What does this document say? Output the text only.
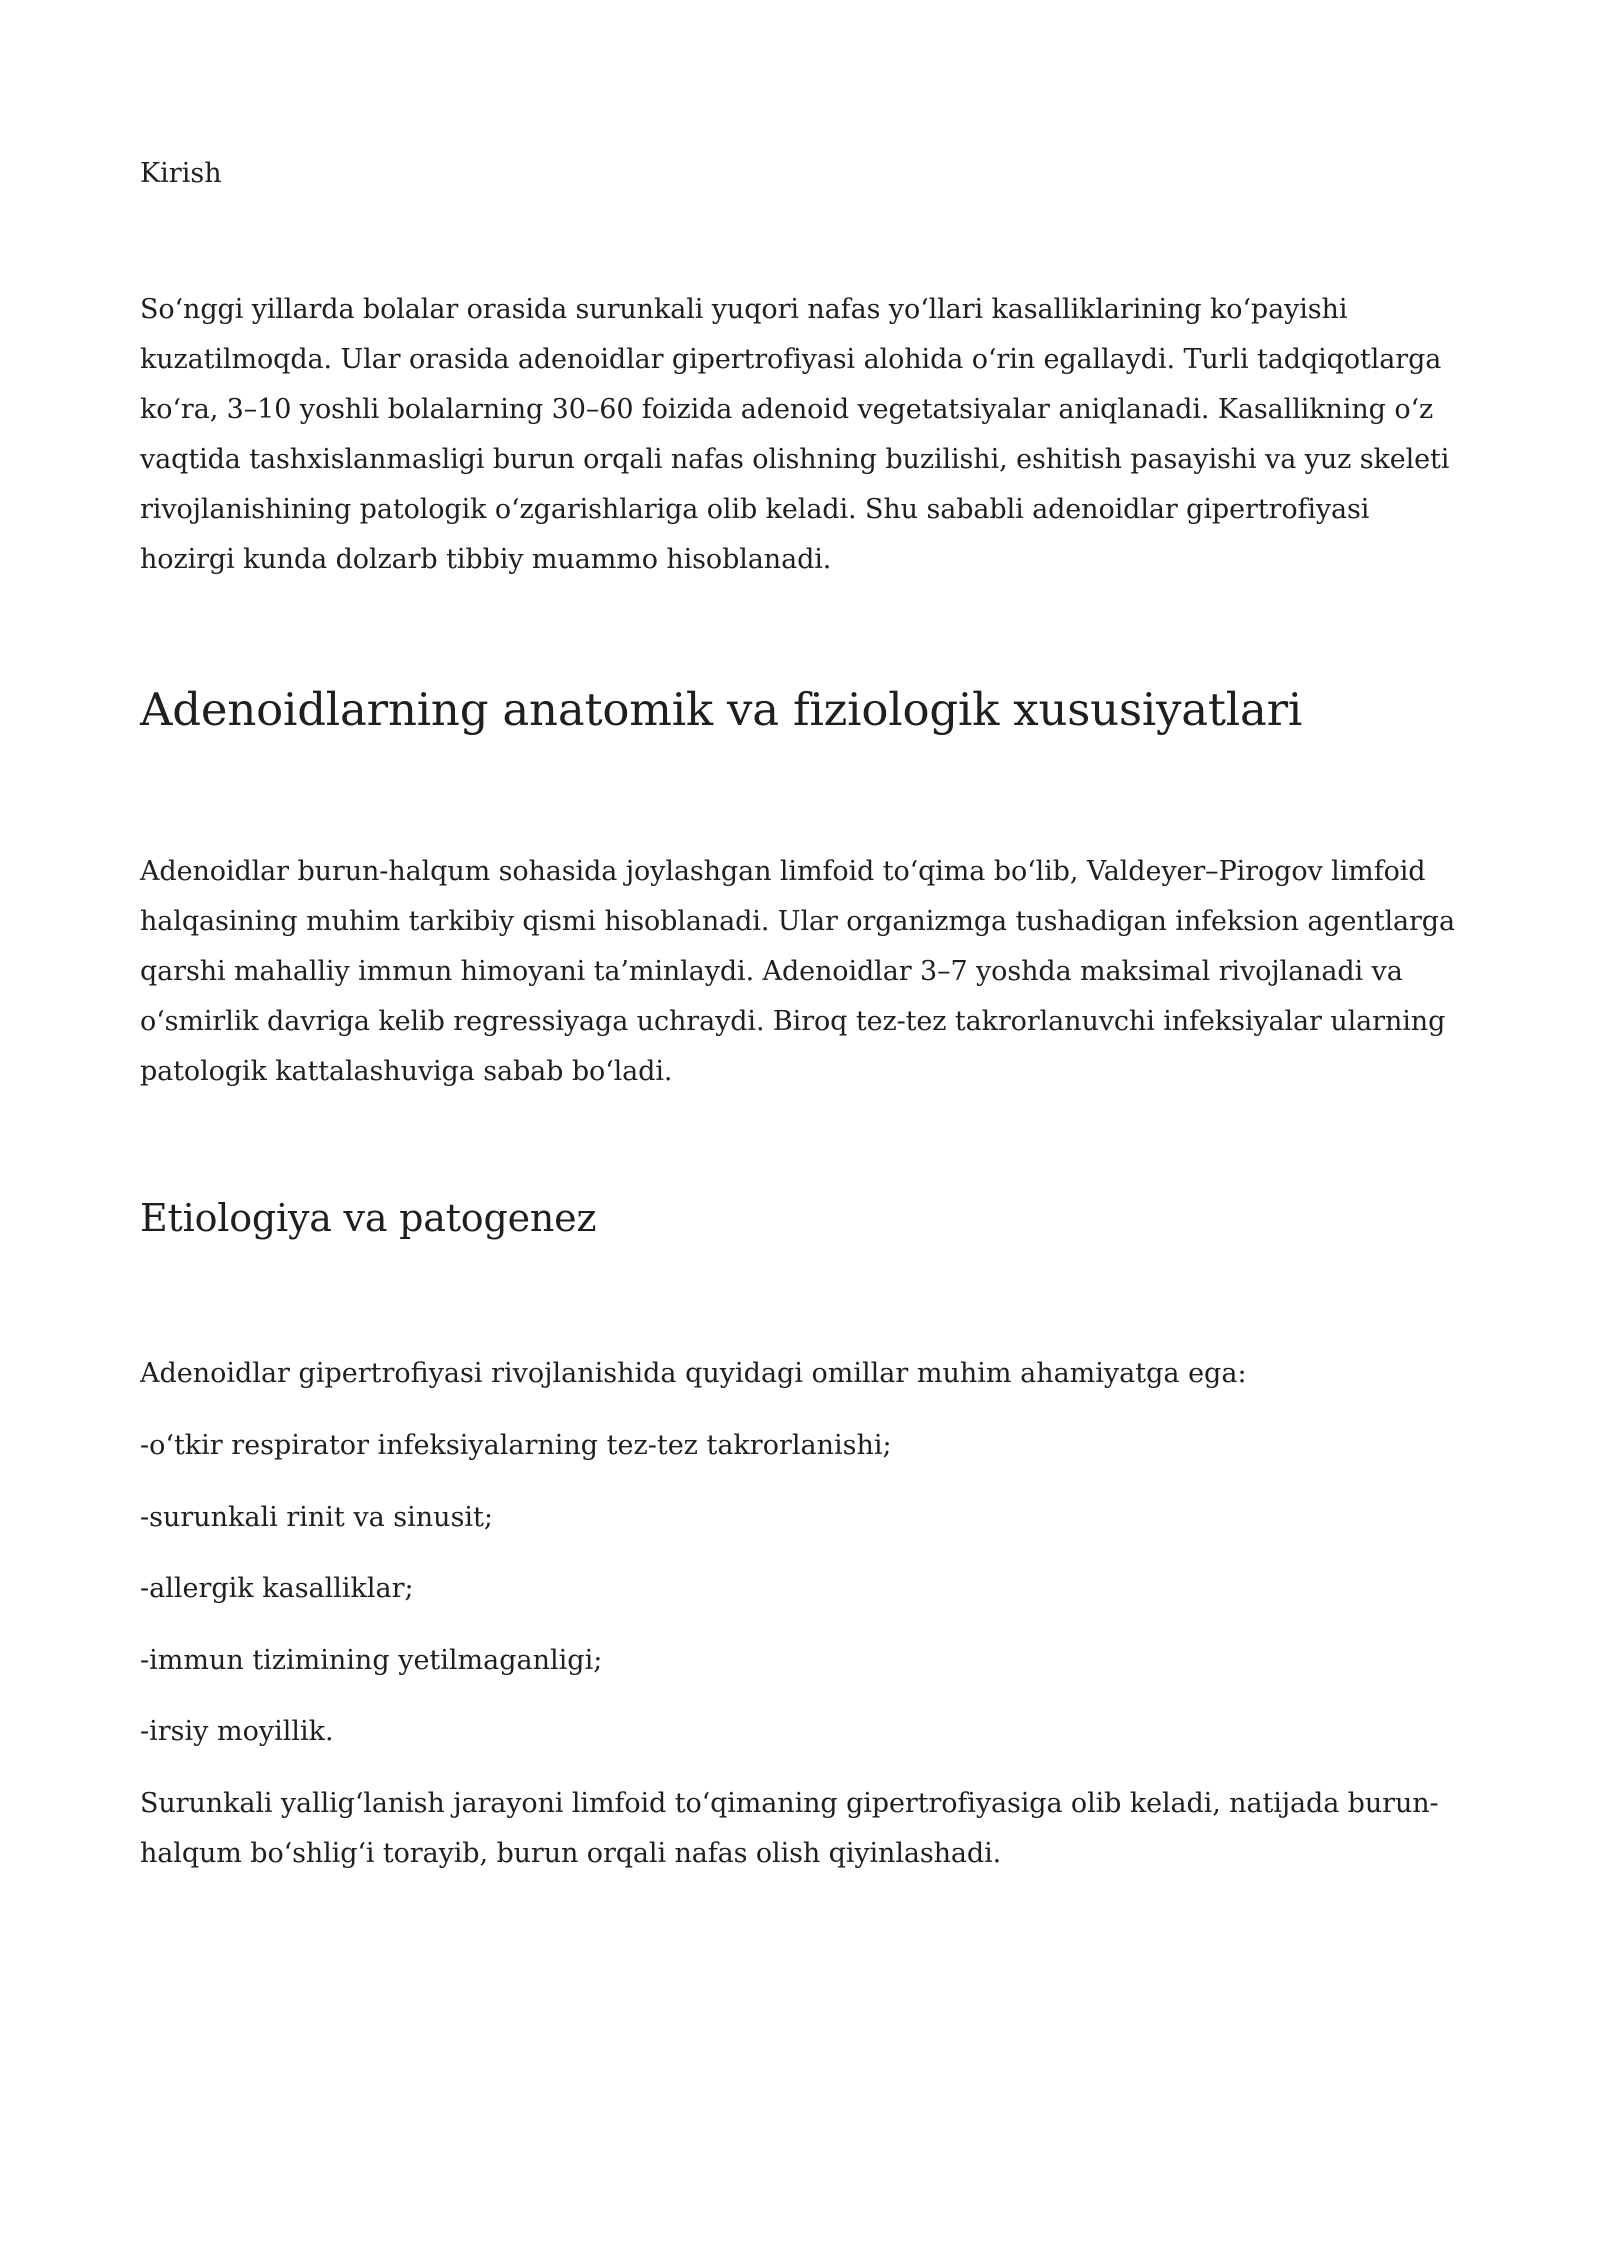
Kirish

So‘nggi yillarda bolalar orasida surunkali yuqori nafas yo‘llari kasalliklarining ko‘payishi kuzatilmoqda. Ular orasida adenoidlar gipertrofiyasi alohida o‘rin egallaydi. Turli tadqiqotlarga ko‘ra, 3–10 yoshli bolalarning 30–60 foizida adenoid vegetatsiyalar aniqlanadi. Kasallikning o‘z vaqtida tashxislanmasligi burun orqali nafas olishning buzilishi, eshitish pasayishi va yuz skeleti rivojlanishining patologik o‘zgarishlariga olib keladi. Shu sababli adenoidlar gipertrofiyasi hozirgi kunda dolzarb tibbiy muammo hisoblanadi.

Adenoidlarning anatomik va fiziologik xususiyatlari

Adenoidlar burun-halqum sohasida joylashgan limfoid to‘qima bo‘lib, Valdeyer–Pirogov limfoid halqasining muhim tarkibiy qismi hisoblanadi. Ular organizmga tushadigan infeksion agentlarga qarshi mahalliy immun himoyani ta’minlaydi. Adenoidlar 3–7 yoshda maksimal rivojlanadi va o‘smirlik davriga kelib regressiyaga uchraydi. Biroq tez-tez takrorlanuvchi infeksiyalar ularning patologik kattalashuviga sabab bo‘ladi.

Etiologiya va patogenez

Adenoidlar gipertrofiyasi rivojlanishida quyidagi omillar muhim ahamiyatga ega:

-o‘tkir respirator infeksiyalarning tez-tez takrorlanishi;

-surunkali rinit va sinusit;

-allergik kasalliklar;

-immun tizimining yetilmaganligi;

-irsiy moyillik.

Surunkali yallig‘lanish jarayoni limfoid to‘qimaning gipertrofiyasiga olib keladi, natijada burun-halqum bo‘shlig‘i torayib, burun orqali nafas olish qiyinlashadi.
